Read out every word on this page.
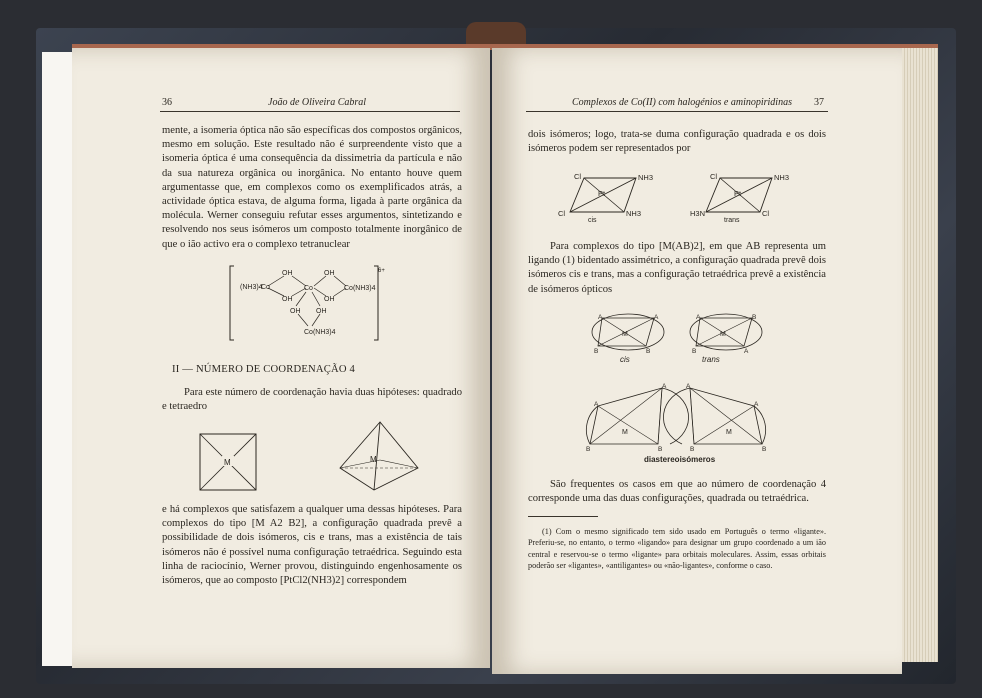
36	João de Oliveira Cabral

mente, a isomeria óptica não são específicas dos compostos orgânicos, mesmo em solução. Este resultado não é surpreendente visto que a isomeria óptica é uma consequência da dissimetria da partícula e não da sua natureza orgânica ou inorgânica. No entanto houve quem argumentasse que, em complexos como os exemplificados atrás, a actividade óptica estava, de alguma forma, ligada à parte orgânica da molécula. Werner conseguiu refutar esses argumentos, sintetizando e resolvendo nos seus isómeros um composto totalmente inorgânico de que o ião activo era o complexo tetranuclear

(NH3)4
Co
OH	OH
OH	OH
Co	Co(NH3)4
OH OH
Co(NH3)4
6+
II — NÚMERO DE COORDENAÇÃO 4

Para este número de coordenação havia duas hipóteses: quadrado e tetraedro

M	M

e há complexos que satisfazem a qualquer uma dessas hipóteses. Para complexos do tipo [M A2 B2], a configuração quadrada prevê a possibilidade de dois isómeros, cis e trans, mas a existência de tais isómeros não é possível numa configuração tetraédrica. Seguindo esta linha de raciocínio, Werner provou, distinguindo engenhosamente os isómeros, que ao composto [PtCl2(NH3)2] correspondem

Complexos de Co(II) com halogénios e aminopiridinas 37

dois isómeros; logo, trata-se duma configuração quadrada e os dois isómeros podem ser representados por

Cl	NH3
Pt
Cl	NH3
cis
Cl	NH3
Pt
H3N	Cl
trans

Para complexos do tipo [M(AB)2], em que AB representa um ligando (1) bidentado assimétrico, a configuração quadrada prevê dois isómeros cis e trans, mas a configuração tetraédrica prevê a existência de isómeros ópticos

A	A
M
B	B
cis
A	B
M
B	A
trans
A
A
M
B	B
A
A
M
B	B
diastereoisómeros

São frequentes os casos em que ao número de coordenação 4 corresponde uma das duas configurações, quadrada ou tetraédrica.

(1) Com o mesmo significado tem sido usado em Português o termo «ligante». Preferiu-se, no entanto, o termo «ligando» para designar um grupo coordenado a um ião central e reservou-se o termo «ligante» para orbitais moleculares. Assim, essas orbitais poderão ser «ligantes», «antiligantes» ou «não-ligantes», conforme o caso.
